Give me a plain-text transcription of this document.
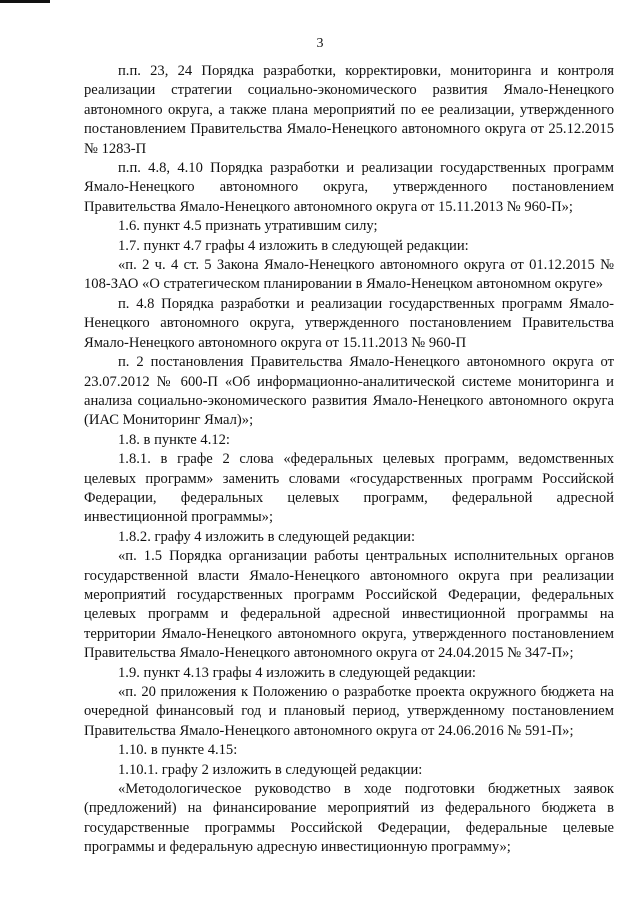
3

п.п. 23, 24 Порядка разработки, корректировки, мониторинга и контроля реализации стратегии социально-экономического развития Ямало-Ненецкого автономного округа, а также плана мероприятий по ее реализации, утвержденного постановлением Правительства Ямало-Ненецкого автономного округа от 25.12.2015 № 1283-П

п.п. 4.8, 4.10 Порядка разработки и реализации государственных программ Ямало-Ненецкого автономного округа, утвержденного постановлением Правительства Ямало-Ненецкого автономного округа от 15.11.2013 № 960-П»;

1.6. пункт 4.5 признать утратившим силу;

1.7. пункт 4.7 графы 4 изложить в следующей редакции:

«п. 2 ч. 4 ст. 5 Закона Ямало-Ненецкого автономного округа от 01.12.2015 № 108-ЗАО «О стратегическом планировании в Ямало-Ненецком автономном округе»

п. 4.8 Порядка разработки и реализации государственных программ Ямало-Ненецкого автономного округа, утвержденного постановлением Правительства Ямало-Ненецкого автономного округа от 15.11.2013 № 960-П

п. 2 постановления Правительства Ямало-Ненецкого автономного округа от 23.07.2012 № 600-П «Об информационно-аналитической системе мониторинга и анализа социально-экономического развития Ямало-Ненецкого автономного округа (ИАС Мониторинг Ямал)»;

1.8. в пункте 4.12:

1.8.1. в графе 2 слова «федеральных целевых программ, ведомственных целевых программ» заменить словами «государственных программ Российской Федерации, федеральных целевых программ, федеральной адресной инвестиционной программы»;

1.8.2. графу 4 изложить в следующей редакции:

«п. 1.5 Порядка организации работы центральных исполнительных органов государственной власти Ямало-Ненецкого автономного округа при реализации мероприятий государственных программ Российской Федерации, федеральных целевых программ и федеральной адресной инвестиционной программы на территории Ямало-Ненецкого автономного округа, утвержденного постановлением Правительства Ямало-Ненецкого автономного округа от 24.04.2015 № 347-П»;

1.9. пункт 4.13 графы 4 изложить в следующей редакции:

«п. 20 приложения к Положению о разработке проекта окружного бюджета на очередной финансовый год и плановый период, утвержденному постановлением Правительства Ямало-Ненецкого автономного округа от 24.06.2016 № 591-П»;

1.10. в пункте 4.15:

1.10.1. графу 2 изложить в следующей редакции:

«Методологическое руководство в ходе подготовки бюджетных заявок (предложений) на финансирование мероприятий из федерального бюджета в государственные программы Российской Федерации, федеральные целевые программы и федеральную адресную инвестиционную программу»;
